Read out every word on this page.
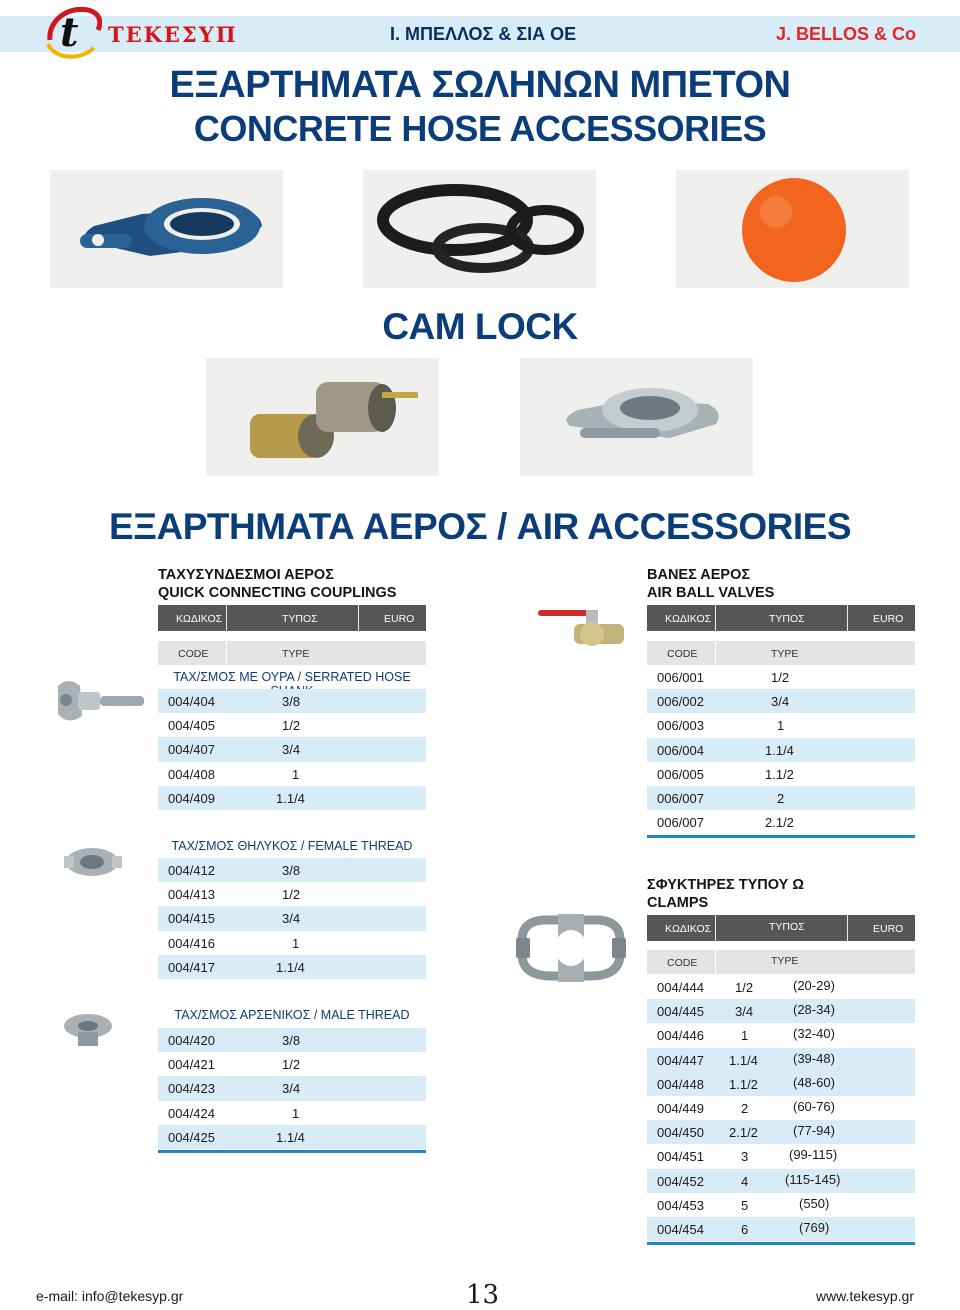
t ΤΕΚΕΣΥΠ	Ι. ΜΠΕΛΛΟΣ & ΣΙΑ ΟΕ	J. BELLOS & Co
ΕΞΑΡΤΗΜΑΤΑ ΣΩΛΗΝΩΝ ΜΠΕΤΟΝ
CONCRETE HOSE ACCESSORIES
CAM LOCK
ΕΞΑΡΤΗΜΑΤΑ ΑΕΡΟΣ / AIR ACCESSORIES
ΤΑΧΥΣΥΝΔΕΣΜΟΙ ΑΕΡΟΣ
QUICK CONNECTING COUPLINGS
ΚΩΔΙΚΟΣ	ΤΥΠΟΣ	EURO
CODE	TYPE
ΤΑΧ/ΣΜΟΣ ΜΕ ΟΥΡΑ / SERRATED HOSE
004/404	3/8
004/405	1/2
004/407	3/4
004/408	1
004/409	1.1/4
ΤΑΧ/ΣΜΟΣ ΘΗΛΥΚΟΣ / FEMALE THREAD
004/412	3/8
004/413	1/2
004/415	3/4
004/416	1
004/417	1.1/4
ΤΑΧ/ΣΜΟΣ ΑΡΣΕΝΙΚΟΣ / MALE THREAD
004/420	3/8
004/421	1/2
004/423	3/4
004/424	1
004/425	1.1/4
ΒΑΝΕΣ ΑΕΡΟΣ
AIR BALL VALVES
ΚΩΔΙΚΟΣ	ΤΥΠΟΣ	EURO
CODE	TYPE
006/001	1/2
006/002	3/4
006/003	1
006/004	1.1/4
006/005	1.1/2
006/007	2
006/007	2.1/2
ΣΦΥΚΤΗΡΕΣ ΤΥΠΟΥ Ω
CLAMPS
ΚΩΔΙΚΟΣ	ΤΥΠΟΣ	EURO
CODE	TYPE
004/444 1/2	(20-29)
004/445 3/4	(28-34)
004/446	1	(32-40)
004/447 1.1/4	(39-48)
004/448 1.1/2	(48-60)
004/449	2	(60-76)
004/450 2.1/2	(77-94)
004/451	3	(99-115)
004/452	4	(115-145)
004/453	5	(550)
004/454	6	(769)
e-mail: info@tekesyp.gr	13	www.tekesyp.gr
